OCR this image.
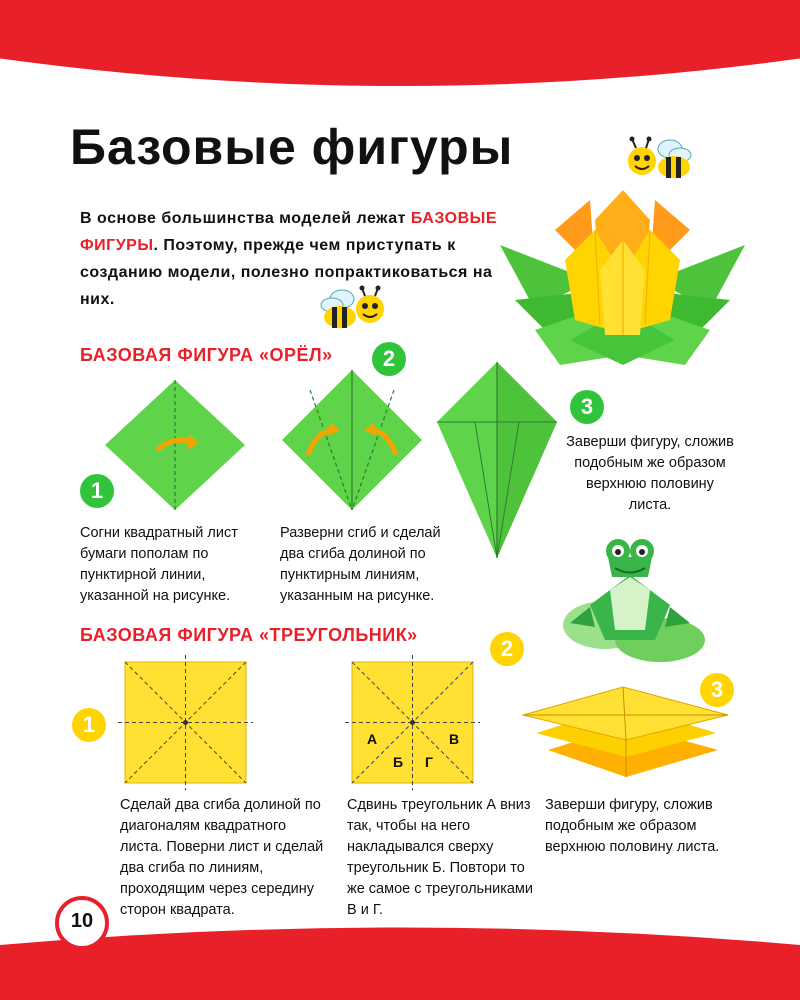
10
Базовые фигуры
В основе большинства моделей лежат БАЗОВЫЕ ФИГУРЫ. Поэтому, прежде чем приступать к созданию модели, полезно попрактиковаться на них.
БАЗОВАЯ ФИГУРА «ОРЁЛ»
1
Согни квадратный лист бумаги пополам по пунктирной линии, указанной на рисунке.
2
Разверни сгиб и сделай два сгиба долиной по пунктирным линиям, указанным на рисунке.
3
Заверши фигуру, сложив подобным же образом верхнюю половину листа.
БАЗОВАЯ ФИГУРА «ТРЕУГОЛЬНИК»
1
Сделай два сгиба долиной по диагоналям квадратного листа. Поверни лист и сделай два сгиба по линиям, проходящим через середину сторон квадрата.
А
Б
В
Г
2
Сдвинь треугольник А вниз так, чтобы на него накладывался сверху треугольник Б. Повтори то же самое с треугольниками В и Г.
3
Заверши фигуру, сложив подобным же образом верхнюю половину листа.
